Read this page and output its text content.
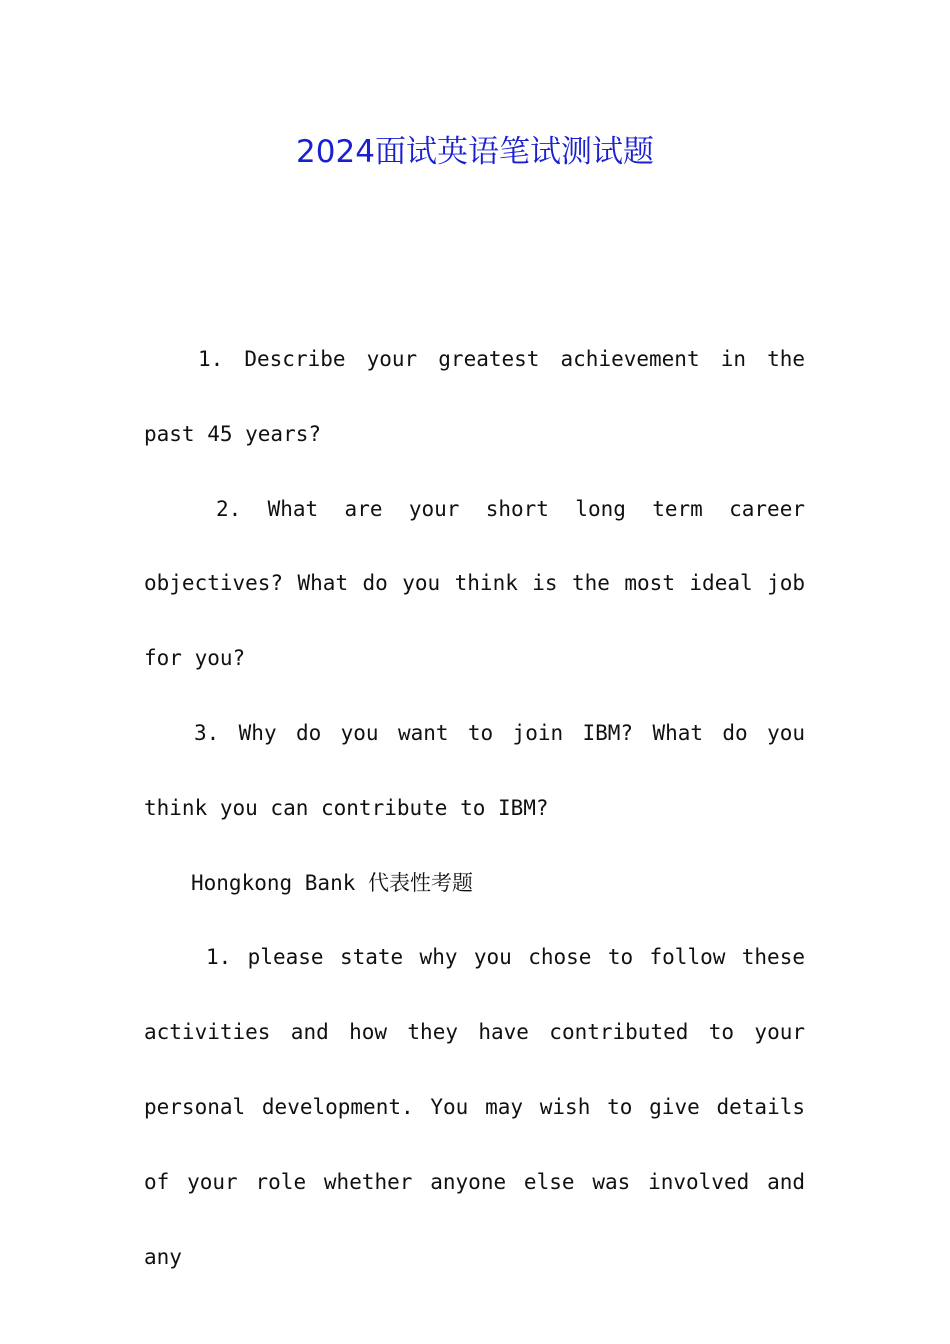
2024面试英语笔试测试题

1. Describe your greatest achievement in the past 45 years?

2. What are your short long term career objectives? What do you think is the most ideal job for you?

3. Why do you want to join IBM? What do you think you can contribute to IBM?

Hongkong Bank 代表性考题

1. please state why you chose to follow these activities and how they have contributed to your personal development. You may wish to give details of your role whether anyone else was involved and any
